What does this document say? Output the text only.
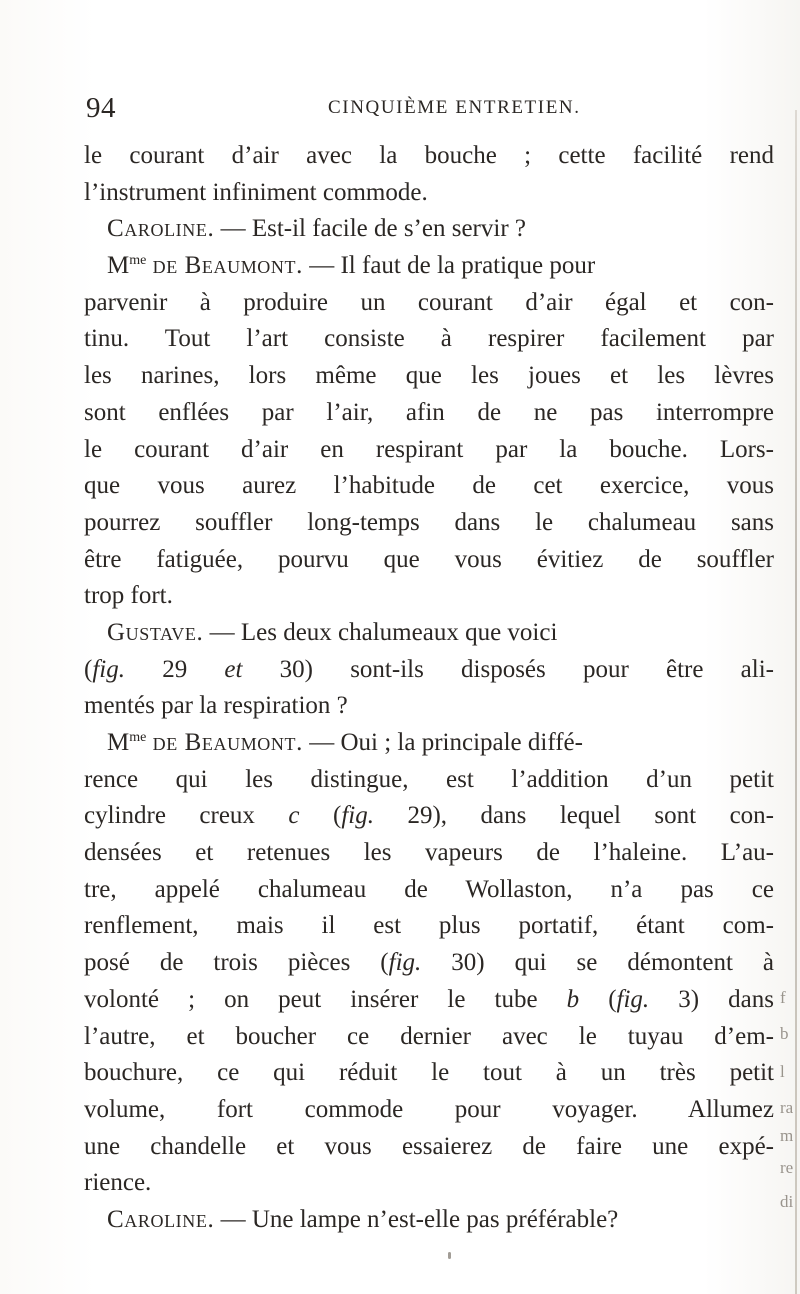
94	CINQUIÈME ENTRETIEN.
le courant d’air avec la bouche ; cette facilité rend
l’instrument infiniment commode.
Caroline. — Est-il facile de s’en servir ?
$M^{me}$ de Beaumont. — Il faut de la pratique pour
parvenir à produire un courant d’air égal et con-
tinu. Tout l’art consiste à respirer facilement par
les narines, lors même que les joues et les lèvres
sont enflées par l’air, afin de ne pas interrompre
le courant d’air en respirant par la bouche. Lors-
que vous aurez l’habitude de cet exercice, vous
pourrez souffler long-temps dans le chalumeau sans
être fatiguée, pourvu que vous évitiez de souffler
trop fort.
Gustave. — Les deux chalumeaux que voici
(fig. 29 et 30) sont-ils disposés pour être ali-
mentés par la respiration ?
$M^{me}$ de Beaumont. — Oui ; la principale diffé-
rence qui les distingue, est l’addition d’un petit
cylindre creux c (fig. 29), dans lequel sont con-
densées et retenues les vapeurs de l’haleine. L’au-
tre, appelé chalumeau de Wollaston, n’a pas ce
renflement, mais il est plus portatif, étant com-
posé de trois pièces (fig. 30) qui se démontent à
volonté ; on peut insérer le tube b (fig. 3) dans
l’autre, et boucher ce dernier avec le tuyau d’em-
bouchure, ce qui réduit le tout à un très petit
volume, fort commode pour voyager. Allumez
une chandelle et vous essaierez de faire une expé-
rience.
Caroline. — Une lampe n’est-elle pas préférable?
f
b
l
ra
m
re
di
